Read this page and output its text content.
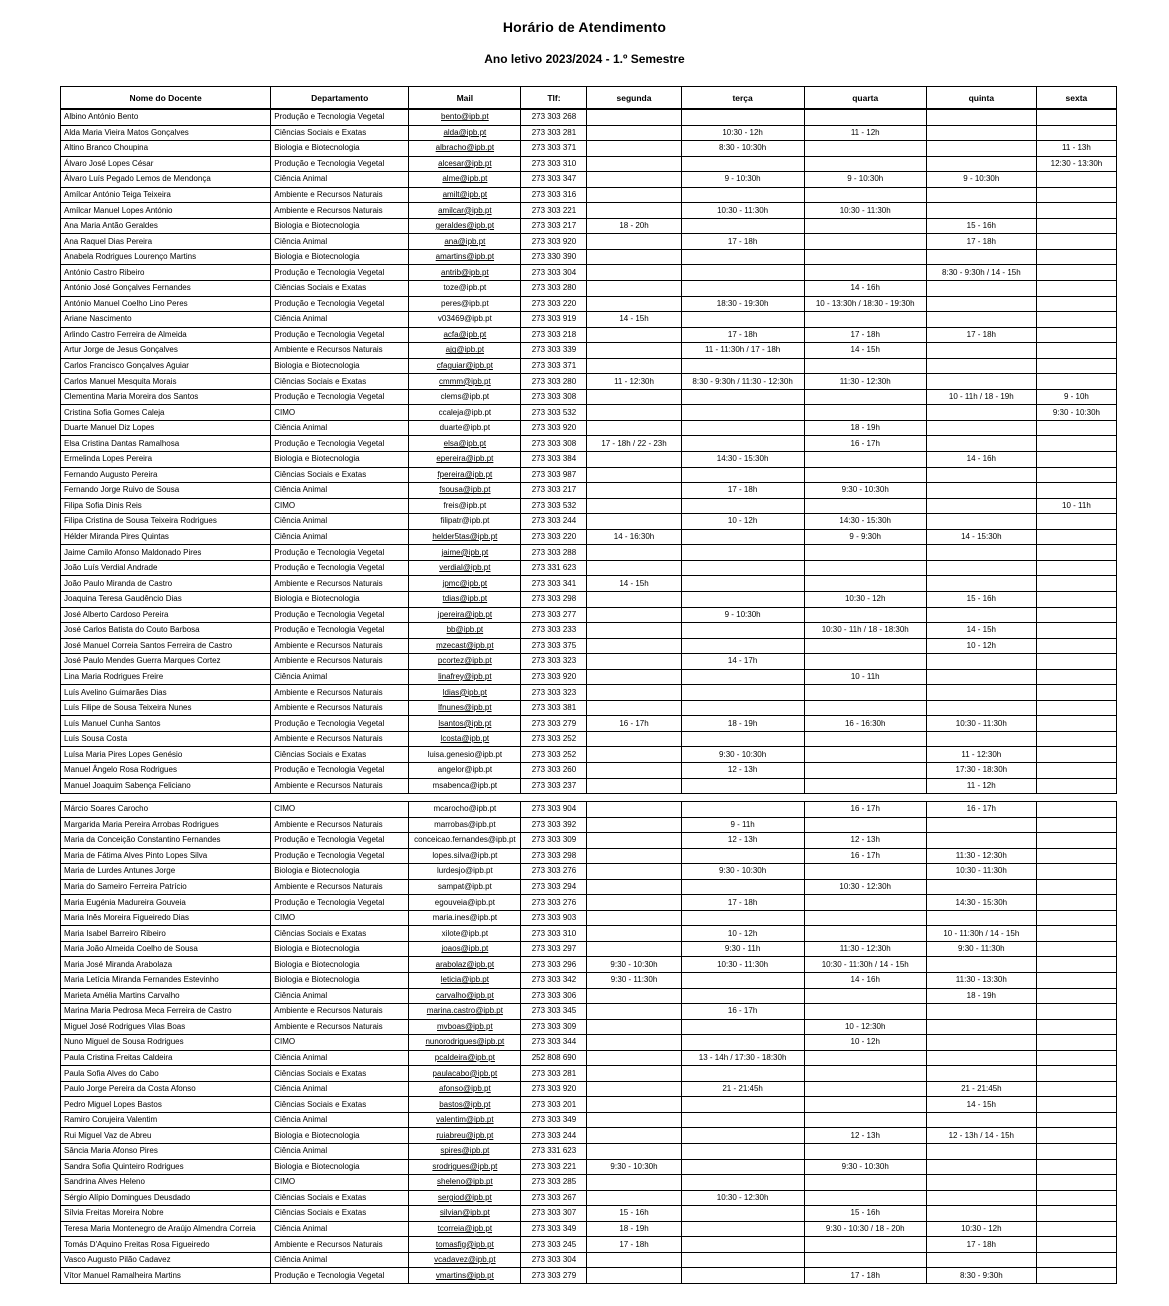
Horário de Atendimento
Ano letivo 2023/2024 - 1.º Semestre
Nome do Docente	Departamento	Mail	Tlf:	segunda	terça	quarta	quinta	sexta
Albino António Bento	Produção e Tecnologia Vegetal	bento@ipb.pt	273 303 268					
Alda Maria Vieira Matos Gonçalves	Ciências Sociais e Exatas	alda@ipb.pt	273 303 281		10:30 - 12h	11 - 12h		
Altino Branco Choupina	Biologia e Biotecnologia	albracho@ipb.pt	273 303 371		8:30 - 10:30h			11 - 13h
Álvaro José Lopes César	Produção e Tecnologia Vegetal	alcesar@ipb.pt	273 303 310					12:30 - 13:30h
Álvaro Luís Pegado Lemos de Mendonça	Ciência Animal	alme@ipb.pt	273 303 347		9 - 10:30h	9 - 10:30h	9 - 10:30h	
Amílcar António Teiga Teixeira	Ambiente e Recursos Naturais	amilt@ipb.pt	273 303 316					
Amílcar Manuel Lopes António	Ambiente e Recursos Naturais	amilcar@ipb.pt	273 303 221		10:30 - 11:30h	10:30 - 11:30h		
Ana Maria Antão Geraldes	Biologia e Biotecnologia	geraldes@ipb.pt	273 303 217	18 - 20h			15 - 16h	
Ana Raquel Dias Pereira	Ciência Animal	ana@ipb.pt	273 303 920		17 - 18h		17 - 18h	
Anabela Rodrigues Lourenço Martins	Biologia e Biotecnologia	amartins@ipb.pt	273 330 390					
António Castro Ribeiro	Produção e Tecnologia Vegetal	antrib@ipb.pt	273 303 304				8:30 - 9:30h / 14 - 15h	
António José Gonçalves Fernandes	Ciências Sociais e Exatas	toze@ipb.pt	273 303 280			14 - 16h		
António Manuel Coelho Lino Peres	Produção e Tecnologia Vegetal	peres@ipb.pt	273 303 220		18:30 - 19:30h	10 - 13:30h / 18:30 - 19:30h		
Ariane Nascimento	Ciência Animal	v03469@ipb.pt	273 303 919	14 - 15h				
Arlindo Castro Ferreira de Almeida	Produção e Tecnologia Vegetal	acfa@ipb.pt	273 303 218		17 - 18h	17 - 18h	17 - 18h	
Artur Jorge de Jesus Gonçalves	Ambiente e Recursos Naturais	ajg@ipb.pt	273 303 339		11 - 11:30h / 17 - 18h	14 - 15h		
Carlos Francisco Gonçalves Aguiar	Biologia e Biotecnologia	cfaguiar@ipb.pt	273 303 371					
Carlos Manuel Mesquita Morais	Ciências Sociais e Exatas	cmmm@ipb.pt	273 303 280	11 - 12:30h	8:30 - 9:30h / 11:30 - 12:30h	11:30 - 12:30h		
Clementina Maria Moreira dos Santos	Produção e Tecnologia Vegetal	clems@ipb.pt	273 303 308				10 - 11h / 18 - 19h	9 - 10h
Cristina Sofia Gomes Caleja	CIMO	ccaleja@ipb.pt	273 303 532					9:30 - 10:30h
Duarte Manuel Diz Lopes	Ciência Animal	duarte@ipb.pt	273 303 920			18 - 19h		
Elsa Cristina Dantas Ramalhosa	Produção e Tecnologia Vegetal	elsa@ipb.pt	273 303 308	17 - 18h / 22 - 23h		16 - 17h		
Ermelinda Lopes Pereira	Biologia e Biotecnologia	epereira@ipb.pt	273 303 384		14:30 - 15:30h		14 - 16h	
Fernando Augusto Pereira	Ciências Sociais e Exatas	fpereira@ipb.pt	273 303 987					
Fernando Jorge Ruivo de Sousa	Ciência Animal	fsousa@ipb.pt	273 303 217		17 - 18h	9:30 - 10:30h		
Filipa Sofia Dinis Reis	CIMO	freis@ipb.pt	273 303 532					10 - 11h
Filipa Cristina de Sousa Teixeira Rodrigues	Ciência Animal	filipatr@ipb.pt	273 303 244		10 - 12h	14:30 - 15:30h		
Hélder Miranda Pires Quintas	Ciência Animal	helder5tas@ipb.pt	273 303 220	14 - 16:30h		9 - 9:30h	14 - 15:30h	
Jaime Camilo Afonso Maldonado Pires	Produção e Tecnologia Vegetal	jaime@ipb.pt	273 303 288					
João Luís Verdial Andrade	Produção e Tecnologia Vegetal	verdial@ipb.pt	273 331 623					
João Paulo Miranda de Castro	Ambiente e Recursos Naturais	jpmc@ipb.pt	273 303 341	14 - 15h				
Joaquina Teresa Gaudêncio Dias	Biologia e Biotecnologia	tdias@ipb.pt	273 303 298			10:30 - 12h	15 - 16h	
José Alberto Cardoso Pereira	Produção e Tecnologia Vegetal	jpereira@ipb.pt	273 303 277		9 - 10:30h			
José Carlos Batista do Couto Barbosa	Produção e Tecnologia Vegetal	bb@ipb.pt	273 303 233			10:30 - 11h / 18 - 18:30h	14 - 15h	
José Manuel Correia Santos Ferreira de Castro	Ambiente e Recursos Naturais	mzecast@ipb.pt	273 303 375				10 - 12h	
José Paulo Mendes Guerra Marques Cortez	Ambiente e Recursos Naturais	pcortez@ipb.pt	273 303 323		14 - 17h			
Lina Maria Rodrigues Freire	Ciência Animal	linafrey@ipb.pt	273 303 920			10 - 11h		
Luís Avelino Guimarães Dias	Ambiente e Recursos Naturais	ldias@ipb.pt	273 303 323					
Luís Filipe de Sousa Teixeira Nunes	Ambiente e Recursos Naturais	lfnunes@ipb.pt	273 303 381					
Luís Manuel Cunha Santos	Produção e Tecnologia Vegetal	lsantos@ipb.pt	273 303 279	16 - 17h	18 - 19h	16 - 16:30h	10:30 - 11:30h	
Luís Sousa Costa	Ambiente e Recursos Naturais	lcosta@ipb.pt	273 303 252					
Luísa Maria Pires Lopes Genésio	Ciências Sociais e Exatas	luisa.genesio@ipb.pt	273 303 252		9:30 - 10:30h		11 - 12:30h	
Manuel Ângelo Rosa Rodrigues	Produção e Tecnologia Vegetal	angelor@ipb.pt	273 303 260		12 - 13h		17:30 - 18:30h	
Manuel Joaquim Sabença Feliciano	Ambiente e Recursos Naturais	msabenca@ipb.pt	273 303 237				11 - 12h	
Márcio Soares Carocho	CIMO	mcarocho@ipb.pt	273 303 904			16 - 17h	16 - 17h	
Margarida Maria Pereira Arrobas Rodrigues	Ambiente e Recursos Naturais	marrobas@ipb.pt	273 303 392		9 - 11h			
Maria da Conceição Constantino Fernandes	Produção e Tecnologia Vegetal	conceicao.fernandes@ipb.pt	273 303 309		12 - 13h	12 - 13h		
Maria de Fátima Alves Pinto Lopes Silva	Produção e Tecnologia Vegetal	lopes.silva@ipb.pt	273 303 298			16 - 17h	11:30 - 12:30h	
Maria de Lurdes Antunes Jorge	Biologia e Biotecnologia	lurdesjo@ipb.pt	273 303 276		9:30 - 10:30h		10:30 - 11:30h	
Maria do Sameiro Ferreira Patrício	Ambiente e Recursos Naturais	sampat@ipb.pt	273 303 294			10:30 - 12:30h		
Maria Eugénia Madureira Gouveia	Produção e Tecnologia Vegetal	egouveia@ipb.pt	273 303 276		17 - 18h		14:30 - 15:30h	
Maria Inês Moreira Figueiredo Dias	CIMO	maria.ines@ipb.pt	273 303 903					
Maria Isabel Barreiro Ribeiro	Ciências Sociais e Exatas	xilote@ipb.pt	273 303 310		10 - 12h		10 - 11:30h / 14 - 15h	
Maria João Almeida Coelho de Sousa	Biologia e Biotecnologia	joaos@ipb.pt	273 303 297		9:30 - 11h	11:30 - 12:30h	9:30 - 11:30h	
Maria José Miranda Arabolaza	Biologia e Biotecnologia	arabolaz@ipb.pt	273 303 296	9:30 - 10:30h	10:30 - 11:30h	10:30 - 11:30h / 14 - 15h		
Maria Letícia Miranda Fernandes Estevinho	Biologia e Biotecnologia	leticia@ipb.pt	273 303 342	9:30 - 11:30h		14 - 16h	11:30 - 13:30h	
Marieta Amélia Martins Carvalho	Ciência Animal	carvalho@ipb.pt	273 303 306				18 - 19h	
Marina Maria Pedrosa Meca Ferreira de Castro	Ambiente e Recursos Naturais	marina.castro@ipb.pt	273 303 345		16 - 17h			
Miguel José Rodrigues Vilas Boas	Ambiente e Recursos Naturais	mvboas@ipb.pt	273 303 309			10 - 12:30h		
Nuno Miguel de Sousa Rodrigues	CIMO	nunorodrigues@ipb.pt	273 303 344			10 - 12h		
Paula Cristina Freitas Caldeira	Ciência Animal	pcaldeira@ipb.pt	252 808 690		13 - 14h / 17:30 - 18:30h			
Paula Sofia Alves do Cabo	Ciências Sociais e Exatas	paulacabo@ipb.pt	273 303 281					
Paulo Jorge Pereira da Costa Afonso	Ciência Animal	afonso@ipb.pt	273 303 920		21 - 21:45h		21 - 21:45h	
Pedro Miguel Lopes Bastos	Ciências Sociais e Exatas	bastos@ipb.pt	273 303 201				14 - 15h	
Ramiro Corujeira Valentim	Ciência Animal	valentim@ipb.pt	273 303 349					
Rui Miguel Vaz de Abreu	Biologia e Biotecnologia	ruiabreu@ipb.pt	273 303 244			12 - 13h	12 - 13h / 14 - 15h	
Sância Maria Afonso Pires	Ciência Animal	spires@ipb.pt	273 331 623					
Sandra Sofia Quinteiro Rodrigues	Biologia e Biotecnologia	srodrigues@ipb.pt	273 303 221	9:30 - 10:30h		9:30 - 10:30h		
Sandrina Alves Heleno	CIMO	sheleno@ipb.pt	273 303 285					
Sérgio Alípio Domingues Deusdado	Ciências Sociais e Exatas	sergiod@ipb.pt	273 303 267		10:30 - 12:30h			
Sílvia Freitas Moreira Nobre	Ciências Sociais e Exatas	silvian@ipb.pt	273 303 307	15 - 16h		15 - 16h		
Teresa Maria Montenegro de Araújo Almendra Correia	Ciência Animal	tcorreia@ipb.pt	273 303 349	18 - 19h		9:30 - 10:30 / 18 - 20h	10:30 - 12h	
Tomás D'Aquino Freitas Rosa Figueiredo	Ambiente e Recursos Naturais	tomasfig@ipb.pt	273 303 245	17 - 18h			17 - 18h	
Vasco Augusto Pilão Cadavez	Ciência Animal	vcadavez@ipb.pt	273 303 304					
Vítor Manuel Ramalheira Martins	Produção e Tecnologia Vegetal	vmartins@ipb.pt	273 303 279			17 - 18h	8:30 - 9:30h	
